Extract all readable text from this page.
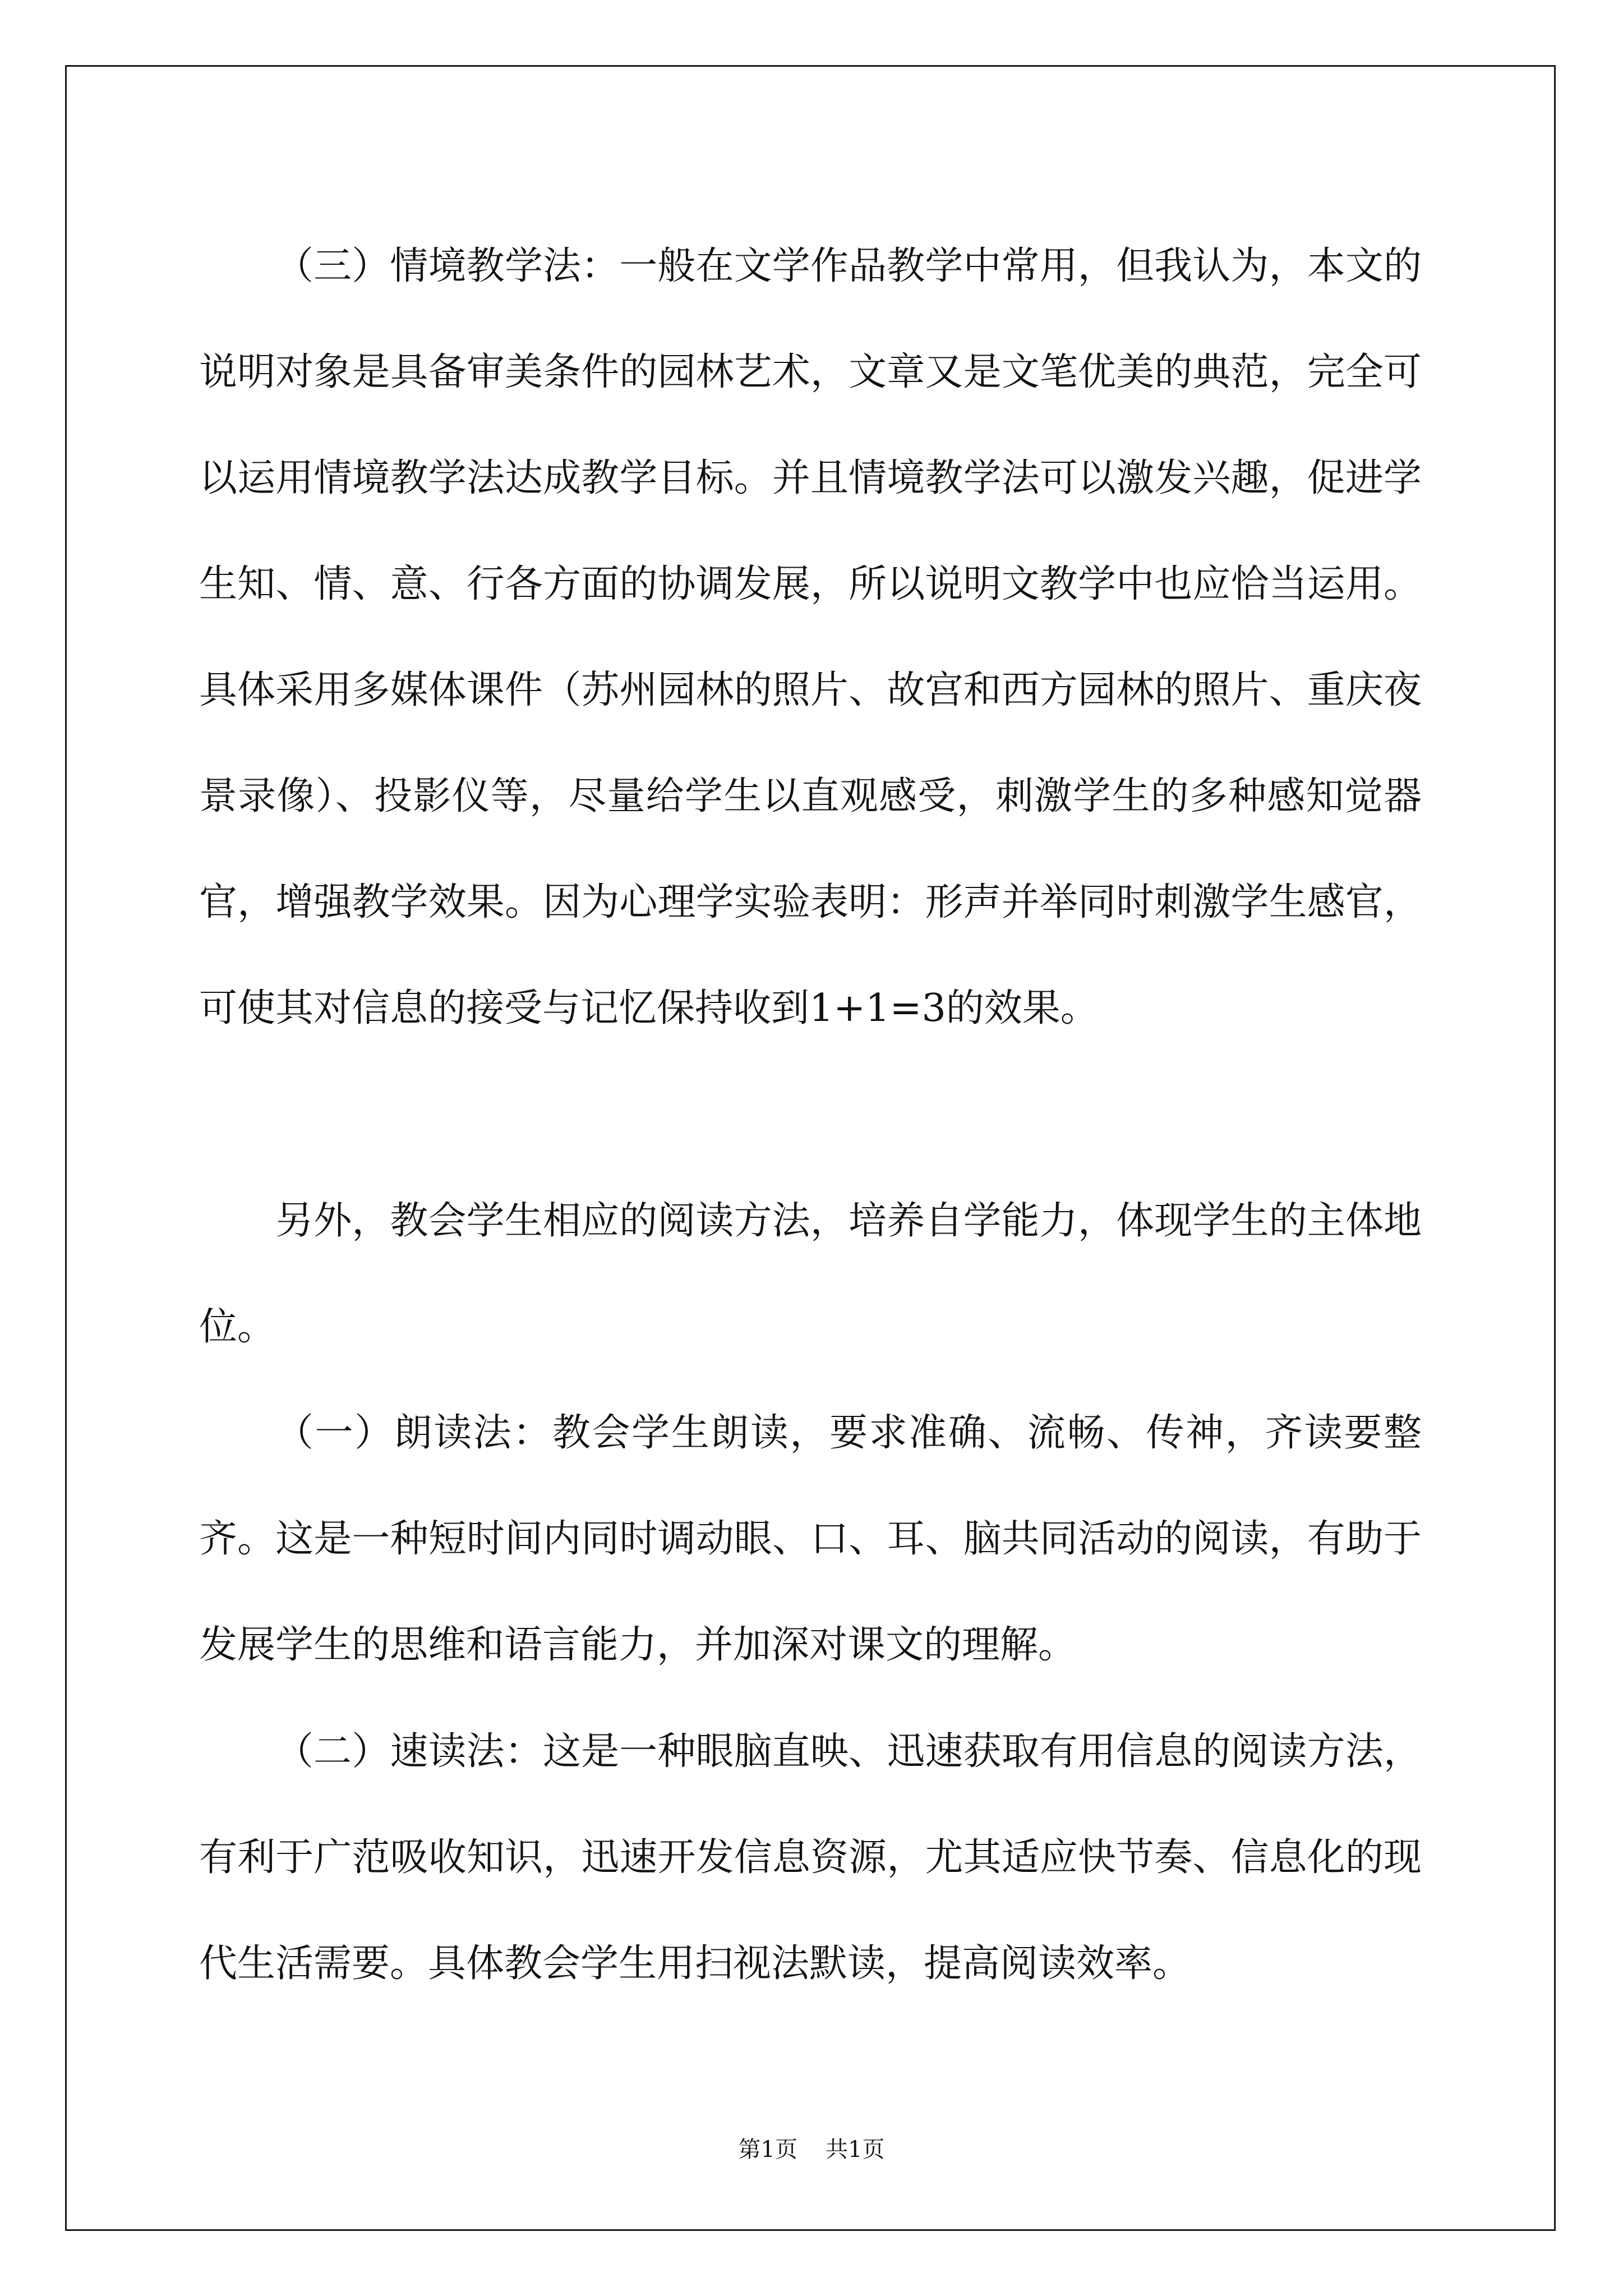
（三）情境教学法：一般在文学作品教学中常用，但我认为，本文的说明对象是具备审美条件的园林艺术，文章又是文笔优美的典范，完全可以运用情境教学法达成教学目标。并且情境教学法可以激发兴趣，促进学生知、情、意、行各方面的协调发展，所以说明文教学中也应恰当运用。具体采用多媒体课件（苏州园林的照片、故宫和西方园林的照片、重庆夜景录像）、投影仪等，尽量给学生以直观感受，刺激学生的多种感知觉器官，增强教学效果。因为心理学实验表明：形声并举同时刺激学生感官，可使其对信息的接受与记忆保持收到1+1=3的效果。

另外，教会学生相应的阅读方法，培养自学能力，体现学生的主体地位。

（一）朗读法：教会学生朗读，要求准确、流畅、传神，齐读要整齐。这是一种短时间内同时调动眼、口、耳、脑共同活动的阅读，有助于发展学生的思维和语言能力，并加深对课文的理解。

（二）速读法：这是一种眼脑直映、迅速获取有用信息的阅读方法，有利于广范吸收知识，迅速开发信息资源，尤其适应快节奏、信息化的现代生活需要。具体教会学生用扫视法默读，提高阅读效率。

第1页 共1页
